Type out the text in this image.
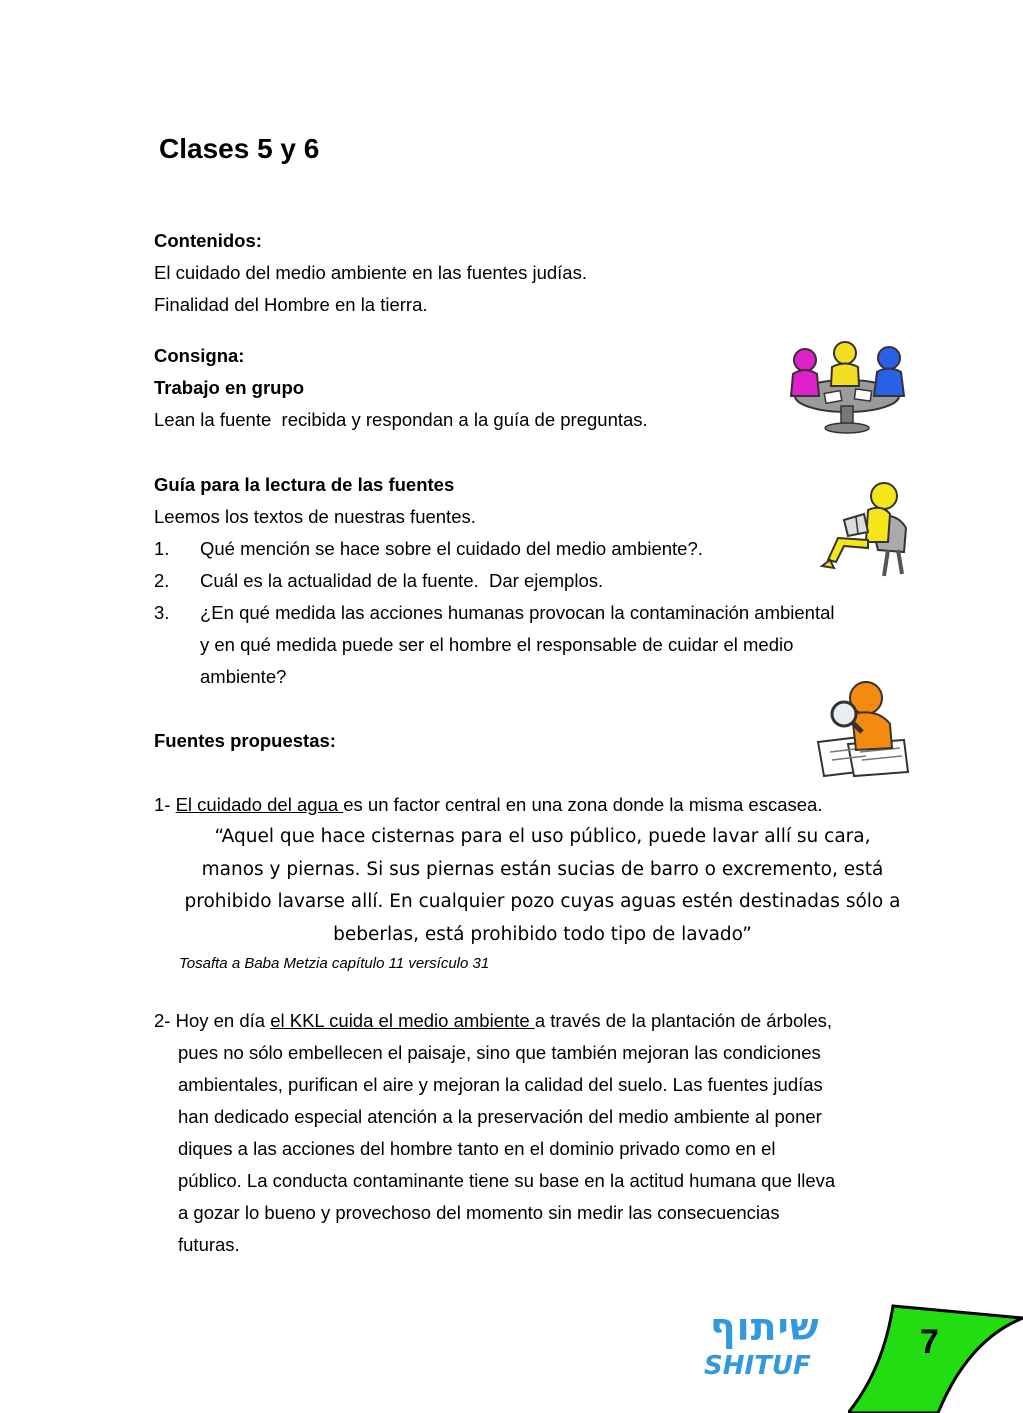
Clases 5 y 6
Contenidos:
El cuidado del medio ambiente en las fuentes judías.
Finalidad del Hombre en la tierra.
Consigna:
Trabajo en grupo
Lean la fuente  recibida y respondan a la guía de preguntas.
Guía para la lectura de las fuentes
Leemos los textos de nuestras fuentes.
1.	Qué mención se hace sobre el cuidado del medio ambiente?.
2.	Cuál es la actualidad de la fuente.  Dar ejemplos.
3.	¿En qué medida las acciones humanas provocan la contaminación ambiental
y en qué medida puede ser el hombre el responsable de cuidar el medio
ambiente?
Fuentes propuestas:
1- El cuidado del agua es un factor central en una zona donde la misma escasea.
“Aquel que hace cisternas para el uso público, puede lavar allí su cara,
manos y piernas. Si sus piernas están sucias de barro o excremento, está
prohibido lavarse allí. En cualquier pozo cuyas aguas estén destinadas sólo a
beberlas, está prohibido todo tipo de lavado”
Tosafta a Baba Metzia capítulo 11 versículo 31
2- Hoy en día el KKL cuida el medio ambiente a través de la plantación de árboles,
pues no sólo embellecen el paisaje, sino que también mejoran las condiciones
ambientales, purifican el aire y mejoran la calidad del suelo. Las fuentes judías
han dedicado especial atención a la preservación del medio ambiente al poner
diques a las acciones del hombre tanto en el dominio privado como en el
público. La conducta contaminante tiene su base en la actitud humana que lleva
a gozar lo bueno y provechoso del momento sin medir las consecuencias
futuras.
שיתוף
SHITUF
7
